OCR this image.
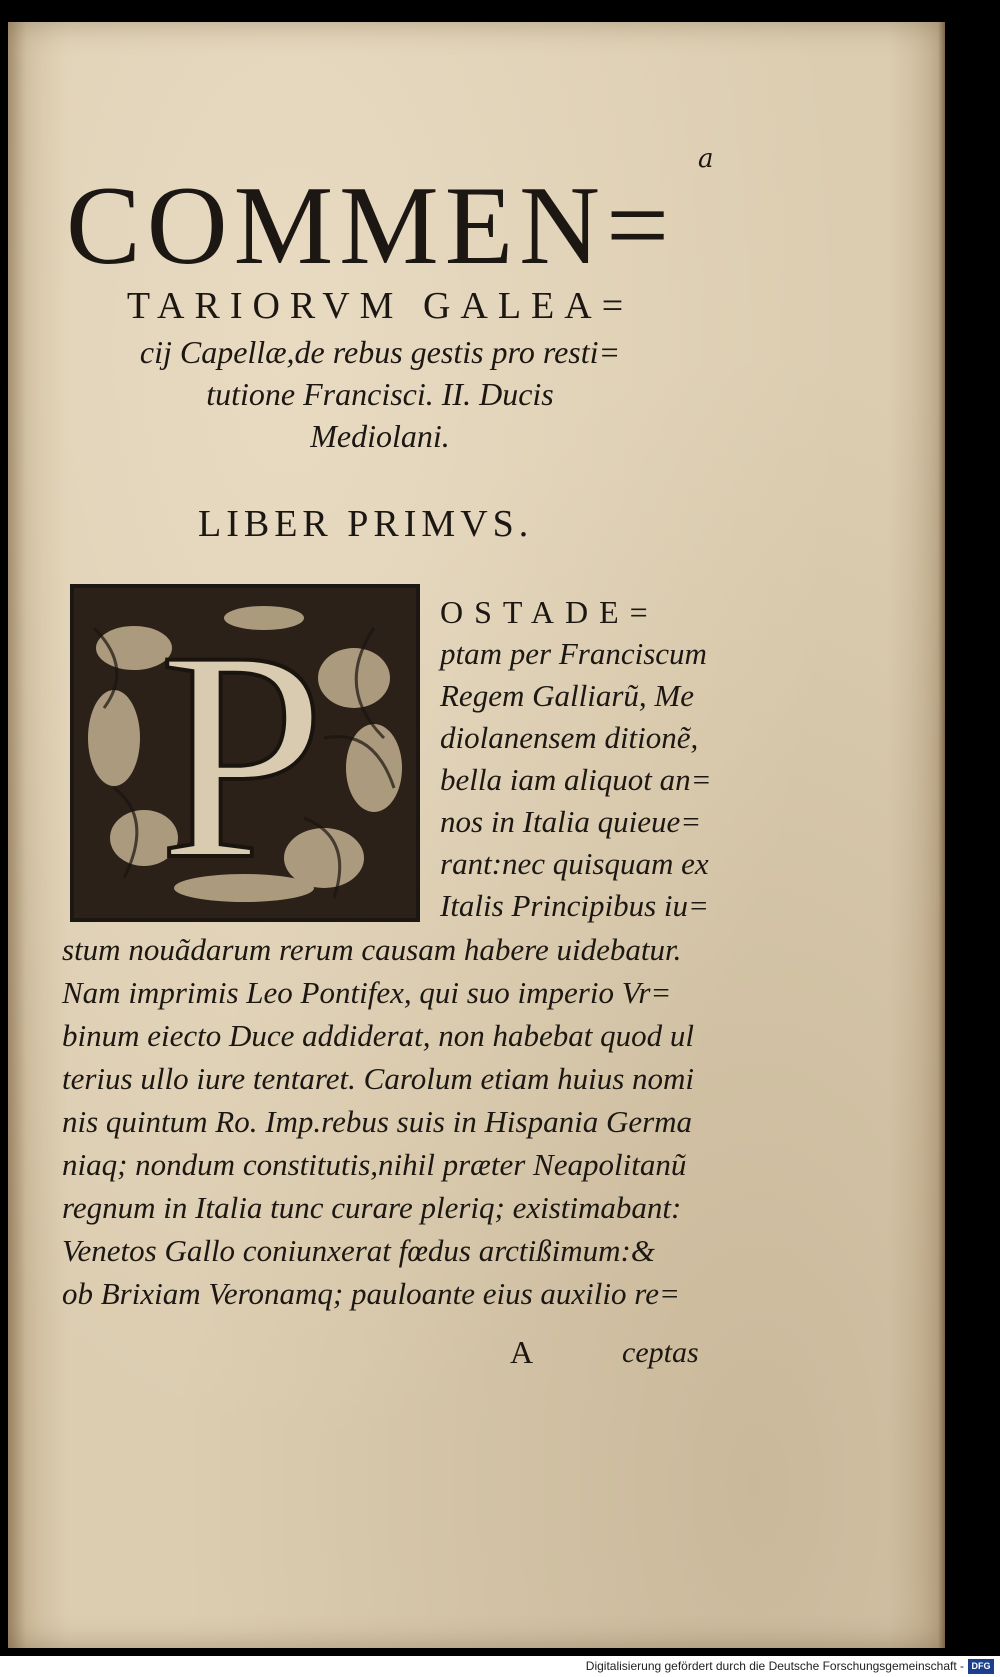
a
COMMEN=
TARIORVM GALEA=
cij Capellæ,de rebus gestis pro resti=
tutione Francisci. II. Ducis
Mediolani.
LIBER PRIMVS.
P	OSTADE=
ptam per Franciscum
Regem Galliarũ, Me
diolanensem ditionẽ,
bella iam aliquot an=
nos in Italia quieue=
rant:nec quisquam ex
Italis Principibus iu=
stum nouãdarum rerum causam habere uidebatur.
Nam imprimis Leo Pontifex, qui suo imperio Vr=
binum eiecto Duce addiderat, non habebat quod ul
terius ullo iure tentaret. Carolum etiam huius nomi
nis quintum Ro. Imp.rebus suis in Hispania Germa
niaq; nondum constitutis,nihil præter Neapolitanũ
regnum in Italia tunc curare pleriq; existimabant:
Venetos Gallo coniunxerat fœdus arctißimum:&
ob Brixiam Veronamq; pauloante eius auxilio re=
A	ceptas
Digitalisierung gefördert durch die Deutsche Forschungsgemeinschaft - DFG
